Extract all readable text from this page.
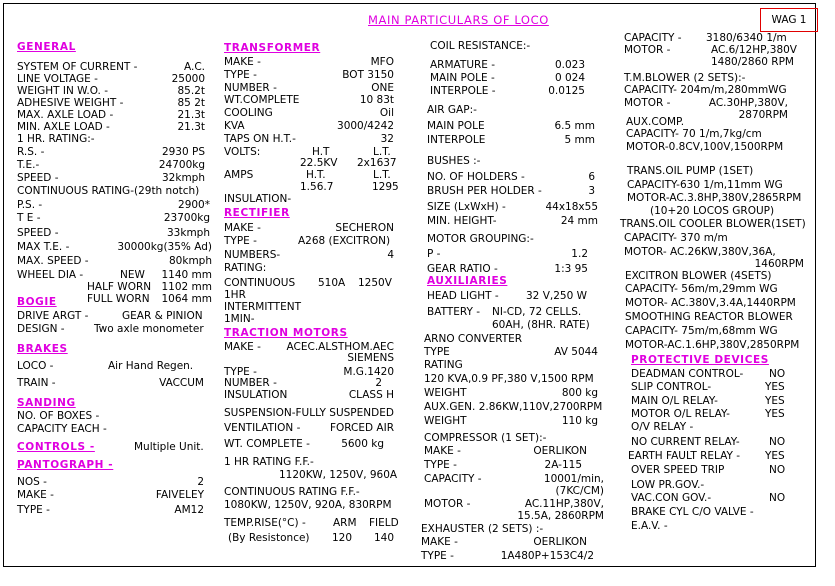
MAIN PARTICULARS OF LOCO	WAG 1
GENERAL
SYSTEM OF CURRENT -	A.C.
LINE VOLTAGE -	25000
WEIGHT IN W.O. -	85.2t
ADHESIVE WEIGHT -	85 2t
MAX. AXLE LOAD -	21.3t
MIN. AXLE LOAD -	21.3t
1 HR. RATING:-
R.S. -	2930 PS
T.E.-	24700kg
SPEED -	32kmph
CONTINUOUS RATING-(29th notch)
P.S. -	2900*
T E -	23700kg
SPEED -	33kmph
MAX T.E. -	30000kg(35% Ad)
MAX. SPEED -	80kmph
WHEEL DIA -	NEW	1140 mm
HALF WORN 1102 mm
FULL WORN	1064 mm
BOGIE
DRIVE ARGT -	GEAR & PINION
DESIGN -	Two axle monometer
BRAKES
LOCO -	Air Hand Regen.
TRAIN -	VACCUM
SANDING
NO. OF BOXES -
CAPACITY EACH -
CONTROLS -	Multiple Unit.
PANTOGRAPH -
NOS -	2
MAKE -	FAIVELEY
TYPE -	AM12
TRANSFORMER
MAKE -	MFO
TYPE -	BOT 3150
NUMBER -	ONE
WT.COMPLETE	10 83t
COOLING	Oil
KVA	3000/4242
TAPS ON H.T.-	32
VOLTS:	H.T	L.T.
22.5KV 2x1637
AMPS	H.T.	L.T.
1.56.7	1295
INSULATION-
RECTIFIER
MAKE -	SECHERON
TYPE -	A268 (EXCITRON)
NUMBERS-	4
RATING:
CONTINUOUS 510A 1250V
1HR
INTERMITTENT
1MIN-
TRACTION MOTORS
MAKE -	ACEC.ALSTHOM.AEC
SIEMENS
TYPE -	M.G.1420
NUMBER -	2
INSULATION	CLASS H
SUSPENSION-FULLY SUSPENDED
VENTILATION -	FORCED AIR
WT. COMPLETE -	5600 kg
1 HR RATING F.F.-
1120KW, 1250V, 960A
CONTINUOUS RATING F.F.-
1080KW, 1250V, 920A, 830RPM
TEMP.RISE(°C) -	ARM FIELD
(By Resistonce) 120 140
COIL RESISTANCE:-
ARMATURE -	0.023
MAIN POLE -	0 024
INTERPOLE -	0.0125
AIR GAP:-
MAIN POLE	6.5 mm
INTERPOLE	5 mm
BUSHES :-
NO. OF HOLDERS -	6
BRUSH PER HOLDER -	3
SIZE (LxWxH) -	44x18x55
MIN. HEIGHT-	24 mm
MOTOR GROUPING:-
P -	1.2
GEAR RATIO -	1:3 95
AUXILIARIES
HEAD LIGHT -	32 V,250 W
BATTERY - NI-CD, 72 CELLS.
60AH, (8HR. RATE)
ARNO CONVERTER
TYPE	AV 5044
RATING
120 KVA,0.9 PF,380 V,1500 RPM
WEIGHT	800 kg
AUX.GEN. 2.86KW,110V,2700RPM
WEIGHT	110 kg
COMPRESSOR (1 SET):-
MAKE -	OERLIKON
TYPE -	2A-115
CAPACITY -	10001/min,
(7KC/CM)
MOTOR -	AC.11HP,380V,
15.5A, 2860RPM
EXHAUSTER (2 SETS) :-
MAKE -	OERLIKON
TYPE -	1A480P+153C4/2
CAPACITY - 3180/6340 1/m
MOTOR -	AC.6/12HP,380V
1480/2860 RPM
T.M.BLOWER (2 SETS):-
CAPACITY- 204m/m,280mmWG
MOTOR -	AC.30HP,380V,
2870RPM
AUX.COMP.
CAPACITY- 70 1/m,7kg/cm
MOTOR-0.8CV,100V,1500RPM
TRANS.OIL PUMP (1SET)
CAPACITY-630 1/m,11mm WG
MOTOR-AC.3.8HP,380V,2865RPM
(10+20 LOCOS GROUP)
TRANS.OIL COOLER BLOWER(1SET)
CAPACITY- 370 m/m
MOTOR- AC.26KW,380V,36A,
1460RPM
EXCITRON BLOWER (4SETS)
CAPACITY- 56m/m,29mm WG
MOTOR- AC.380V,3.4A,1440RPM
SMOOTHING REACTOR BLOWER
CAPACITY- 75m/m,68mm WG
MOTOR-AC.1.6HP,380V,2850RPM
PROTECTIVE DEVICES
DEADMAN CONTROL- NO
SLIP CONTROL-	YES
MAIN O/L RELAY-	YES
MOTOR O/L RELAY-	YES
O/V RELAY -
NO CURRENT RELAY-	NO
EARTH FAULT RELAY - YES
OVER SPEED TRIP	NO
LOW PR.GOV.-
VAC.CON GOV.-	NO
BRAKE CYL C/O VALVE -
E.A.V. -
